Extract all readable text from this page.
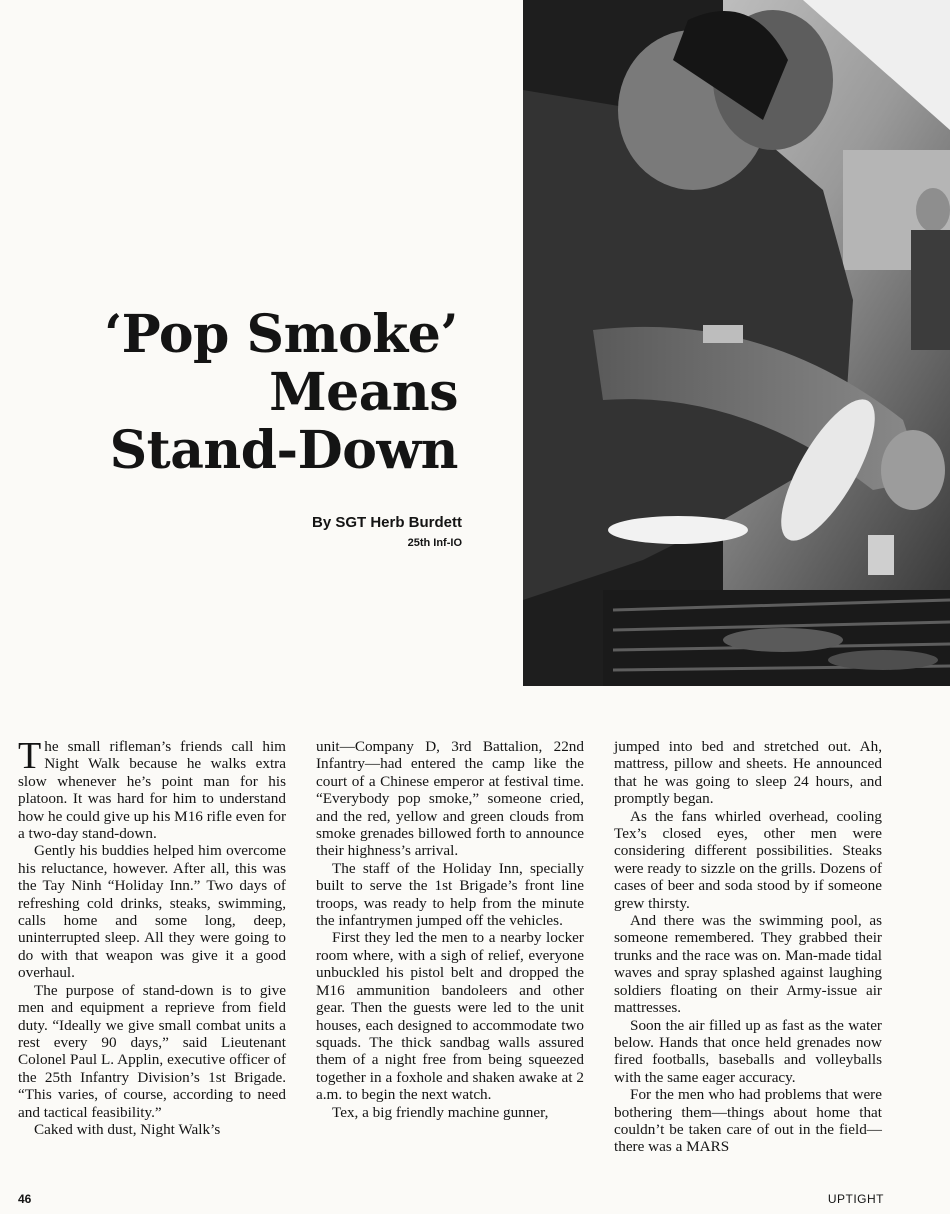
‘Pop Smoke’
Means
Stand-Down
By SGT Herb Burdett
25th Inf-IO

The small rifleman’s friends call him Night Walk because he walks extra slow whenever he’s point man for his platoon. It was hard for him to understand how he could give up his M16 rifle even for a two-day stand-down.

Gently his buddies helped him overcome his reluctance, however. After all, this was the Tay Ninh “Holiday Inn.” Two days of refreshing cold drinks, steaks, swimming, calls home and some long, deep, uninterrupted sleep. All they were going to do with that weapon was give it a good overhaul.

The purpose of stand-down is to give men and equipment a reprieve from field duty. “Ideally we give small combat units a rest every 90 days,” said Lieutenant Colonel Paul L. Applin, executive officer of the 25th Infantry Division’s 1st Brigade. “This varies, of course, according to need and tactical feasibility.”

Caked with dust, Night Walk’s

unit—Company D, 3rd Battalion, 22nd Infantry—had entered the camp like the court of a Chinese emperor at festival time. “Everybody pop smoke,” someone cried, and the red, yellow and green clouds from smoke grenades billowed forth to announce their highness’s arrival.

The staff of the Holiday Inn, specially built to serve the 1st Brigade’s front line troops, was ready to help from the minute the infantrymen jumped off the vehicles.

First they led the men to a nearby locker room where, with a sigh of relief, everyone unbuckled his pistol belt and dropped the M16 ammunition bandoleers and other gear. Then the guests were led to the unit houses, each designed to accommodate two squads. The thick sandbag walls assured them of a night free from being squeezed together in a foxhole and shaken awake at 2 a.m. to begin the next watch.

Tex, a big friendly machine gunner,

jumped into bed and stretched out. Ah, mattress, pillow and sheets. He announced that he was going to sleep 24 hours, and promptly began.

As the fans whirled overhead, cooling Tex’s closed eyes, other men were considering different possibilities. Steaks were ready to sizzle on the grills. Dozens of cases of beer and soda stood by if someone grew thirsty.

And there was the swimming pool, as someone remembered. They grabbed their trunks and the race was on. Man-made tidal waves and spray splashed against laughing soldiers floating on their Army-issue air mattresses.

Soon the air filled up as fast as the water below. Hands that once held grenades now fired footballs, baseballs and volleyballs with the same eager accuracy.

For the men who had problems that were bothering them—things about home that couldn’t be taken care of out in the field—there was a MARS

46	UPTIGHT
